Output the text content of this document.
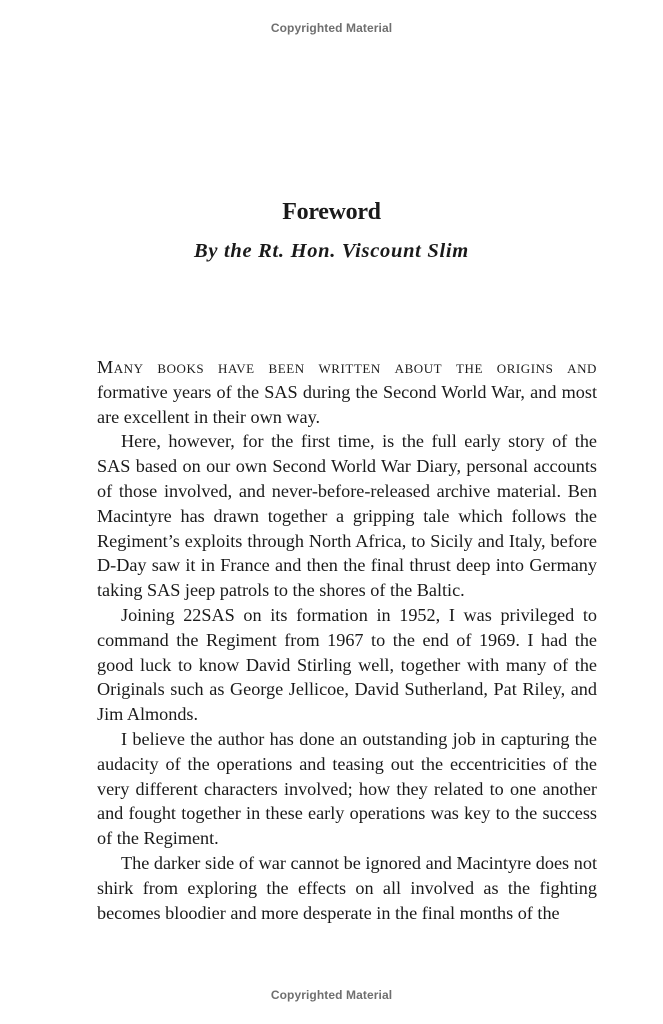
Copyrighted Material
Foreword
By the Rt. Hon. Viscount Slim

Many books have been written about the origins and formative years of the SAS during the Second World War, and most are excellent in their own way.

Here, however, for the first time, is the full early story of the SAS based on our own Second World War Diary, personal accounts of those involved, and never-before-released archive material. Ben Macintyre has drawn together a gripping tale which follows the Regiment’s exploits through North Africa, to Sicily and Italy, before D-Day saw it in France and then the final thrust deep into Germany taking SAS jeep patrols to the shores of the Baltic.

Joining 22SAS on its formation in 1952, I was privileged to command the Regiment from 1967 to the end of 1969. I had the good luck to know David Stirling well, together with many of the Originals such as George Jellicoe, David Sutherland, Pat Riley, and Jim Almonds.

I believe the author has done an outstanding job in capturing the audacity of the operations and teasing out the eccentricities of the very different characters involved; how they related to one another and fought together in these early operations was key to the success of the Regiment.

The darker side of war cannot be ignored and Macintyre does not shirk from exploring the effects on all involved as the fighting becomes bloodier and more desperate in the final months of the

Copyrighted Material
